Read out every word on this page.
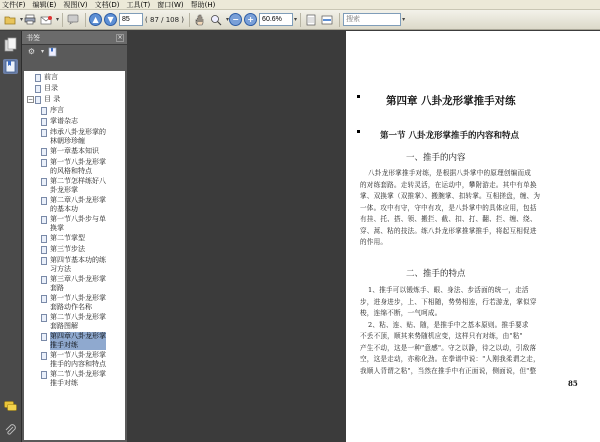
文件(F) 编辑(E) 视图(V) 文档(D) 工具(T) 窗口(W) 帮助(H)
▾	▾	▲	▼
85	( 87 / 108 )	▾ −	+
60.6%	▾
搜索	▾
书签	×
⚙ ▾
前言
目录
− 目 录
序言
掌谱杂志
纬承八卦龙形掌的
林朝珍珍缠
第一章基本知识
第一节八卦龙形掌
的风格和特点
第二节怎样练好八
卦龙形掌
第二章八卦龙形掌
的基本功
第一节八卦步与单
换掌
第二节掌型
第三节步法
第四节基本功的练
习方法
第三章八卦龙形掌
套路
第一节八卦龙形掌
套路动作名称
第二节八卦龙形掌
套路图解
第四章八卦龙形掌
推手对练
第一节八卦龙形掌
推手的内容和特点
第二节八卦龙形掌
推手对练
第四章 八卦龙形掌推手对练
第一节 八卦龙形掌推手的内容和特点
一、推手的内容
八卦龙形掌推手对练，是根据八卦掌中的原理创编而成
的对练套路。走转灵活，在运动中，攀附游走。其中有单换
掌、双换掌（双推掌）、搬腕掌、扣转掌。互相搓盘，缠、为
一体。攻中有守，守中有攻，是八卦掌中的具体应用，包括
有挂、托、搭、领、搬拦、截、扣、打、翻、拦、缠、绕、
穿、蒿、粘的技法。练八卦龙形掌推掌推手，将起互相促进
的作用。
二、推手的特点
1、推手可以锻炼手、眼、身法、步活面的统一，走活
步，进身进步，上、下相随，势势相连，行若游龙，掌似穿
梭，连绵不断，一气呵成。
2、粘、连、贴、随，是推手中之基本原则。推手要求
不丢不顶，顺其来势随机应变，这样只有对练，由"粘"
产生不动，这是一种"意感"。守之以静，待之以动，引敌落
空，这是走动，亦称化劲。在拳谱中说："人刚我柔谓之走，
我顺人背谓之粘"，当然在推手中有正面说，侧面说，但"整
85
